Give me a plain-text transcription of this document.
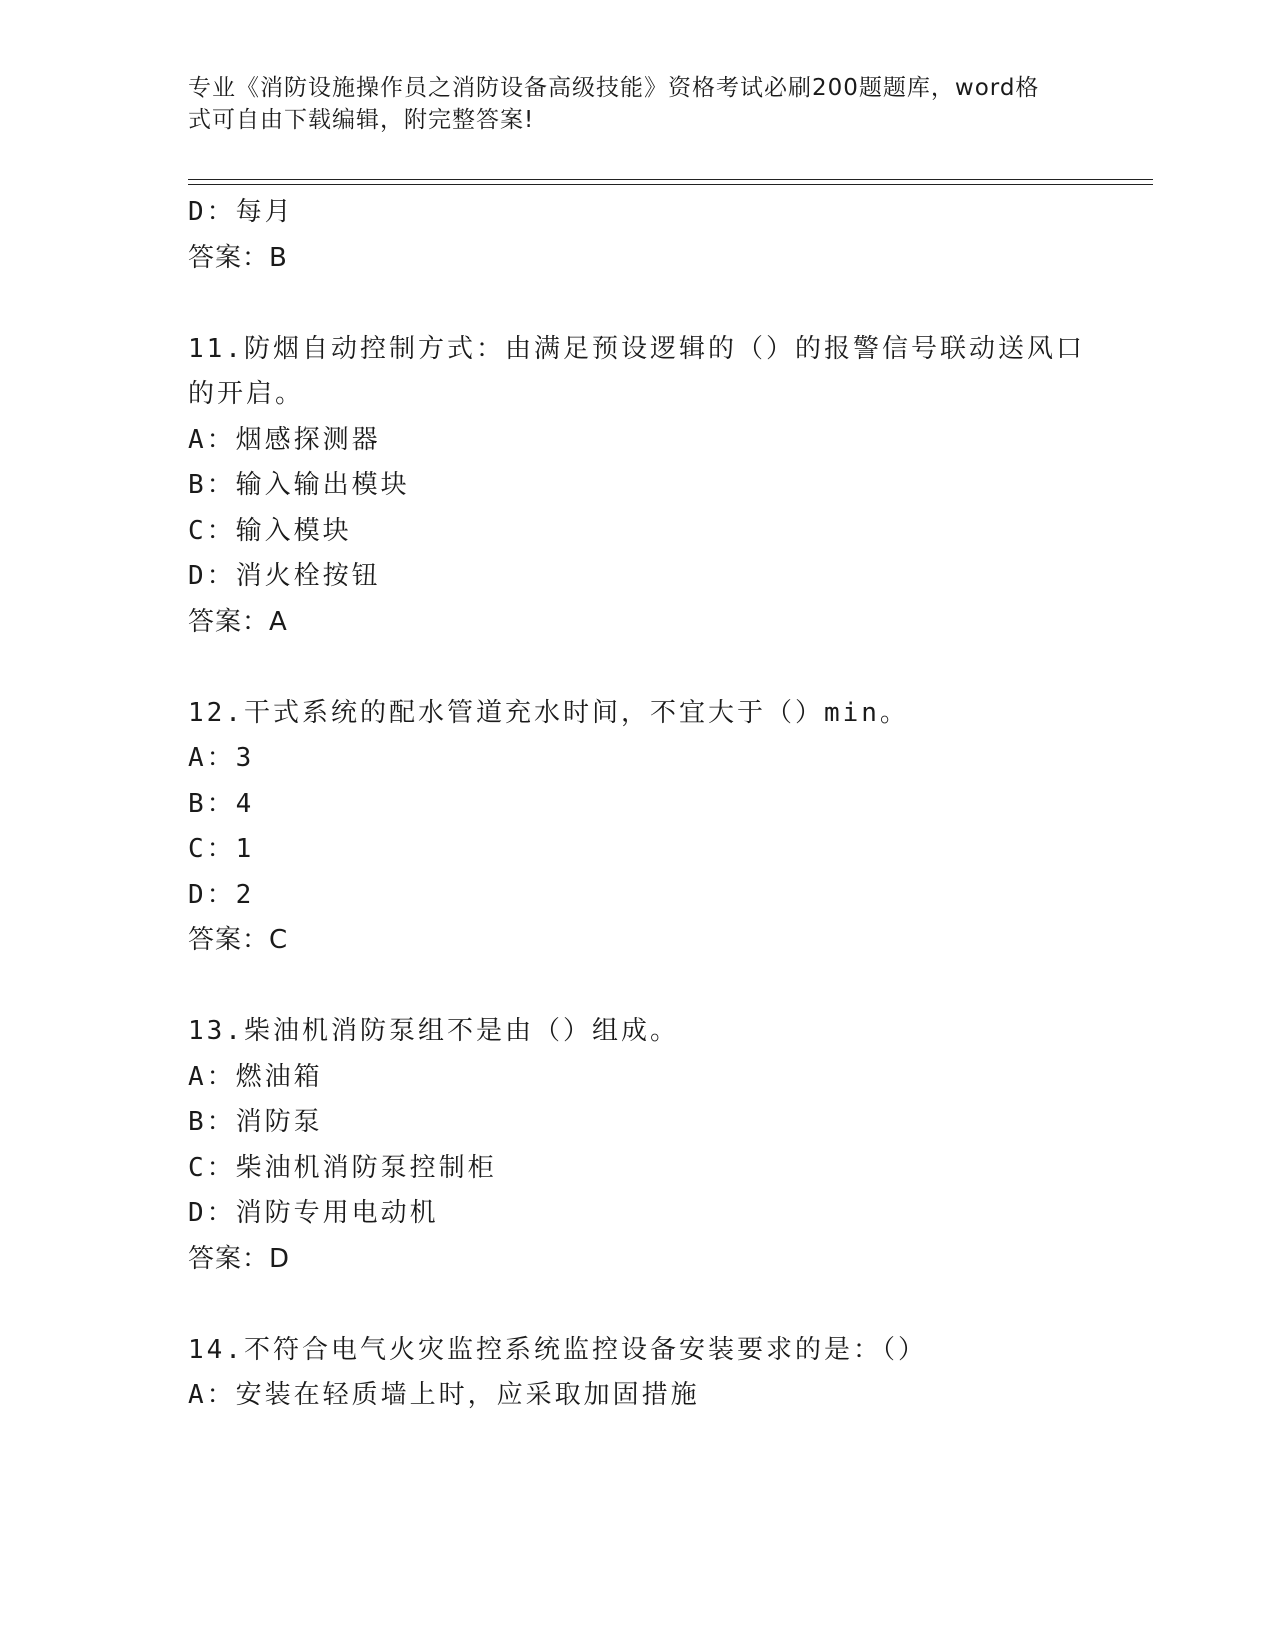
专业《消防设施操作员之消防设备高级技能》资格考试必刷200题题库，word格
式可自由下载编辑，附完整答案!
D：每月
答案：B
11.防烟自动控制方式：由满足预设逻辑的（）的报警信号联动送风口
的开启。
A：烟感探测器
B：输入输出模块
C：输入模块
D：消火栓按钮
答案：A
12.干式系统的配水管道充水时间，不宜大于（）min。
A：3
B：4
C：1
D：2
答案：C
13.柴油机消防泵组不是由（）组成。
A：燃油箱
B：消防泵
C：柴油机消防泵控制柜
D：消防专用电动机
答案：D
14.不符合电气火灾监控系统监控设备安装要求的是：（）
A：安装在轻质墙上时，应采取加固措施
